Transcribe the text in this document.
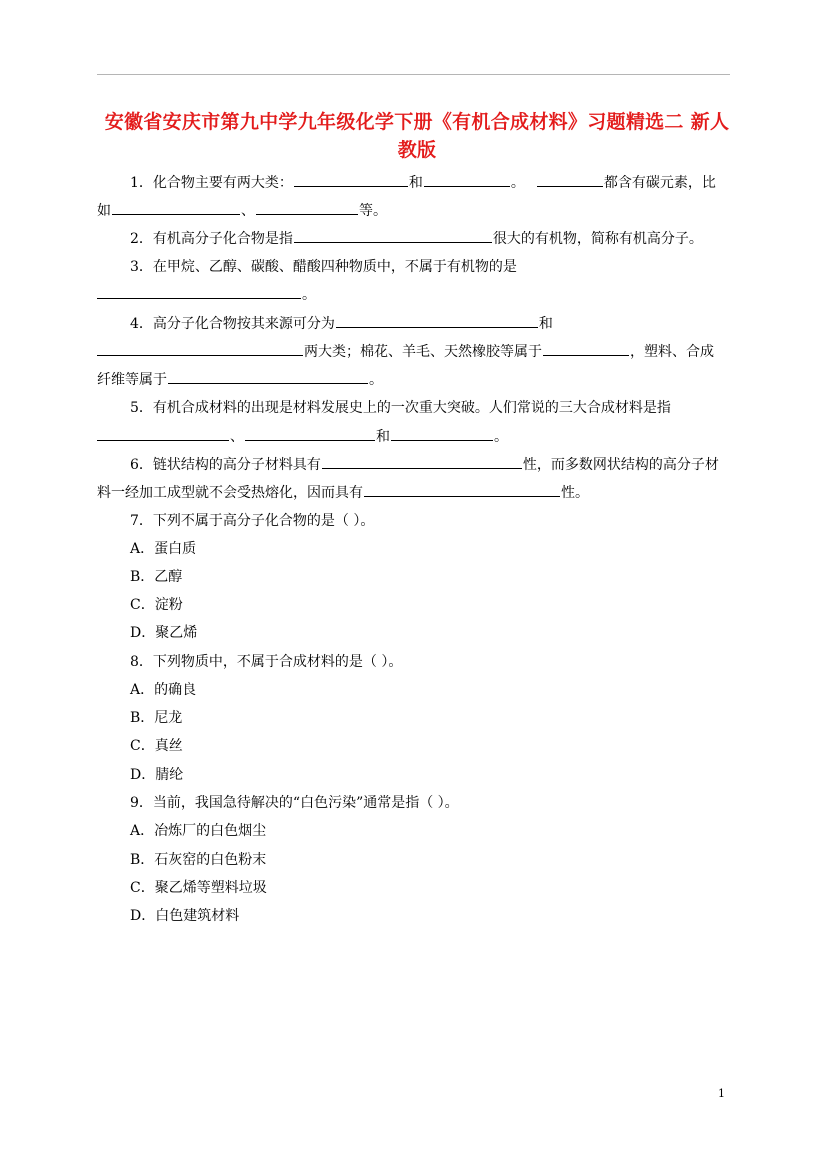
安徽省安庆市第九中学九年级化学下册《有机合成材料》习题精选二 新人
教版
1．化合物主要有两大类：	和	。	都含有碳元素，比
如	、	等。
2．有机高分子化合物是指	很大的有机物，简称有机高分子。
3．在甲烷、乙醇、碳酸、醋酸四种物质中，不属于有机物的是
。
4．高分子化合物按其来源可分为	和
两大类；棉花、羊毛、天然橡胶等属于	，塑料、合成
纤维等属于	。
5．有机合成材料的出现是材料发展史上的一次重大突破。人们常说的三大合成材料是指
、	和	。
6．链状结构的高分子材料具有	性，而多数网状结构的高分子材
料一经加工成型就不会受热熔化，因而具有	性。
7．下列不属于高分子化合物的是（ ）。
A．蛋白质
B．乙醇
C．淀粉
D．聚乙烯
8．下列物质中，不属于合成材料的是（ ）。
A．的确良
B．尼龙
C．真丝
D．腈纶
9．当前，我国急待解决的“白色污染”通常是指（ ）。
A．冶炼厂的白色烟尘
B．石灰窑的白色粉末
C．聚乙烯等塑料垃圾
D．白色建筑材料
1
